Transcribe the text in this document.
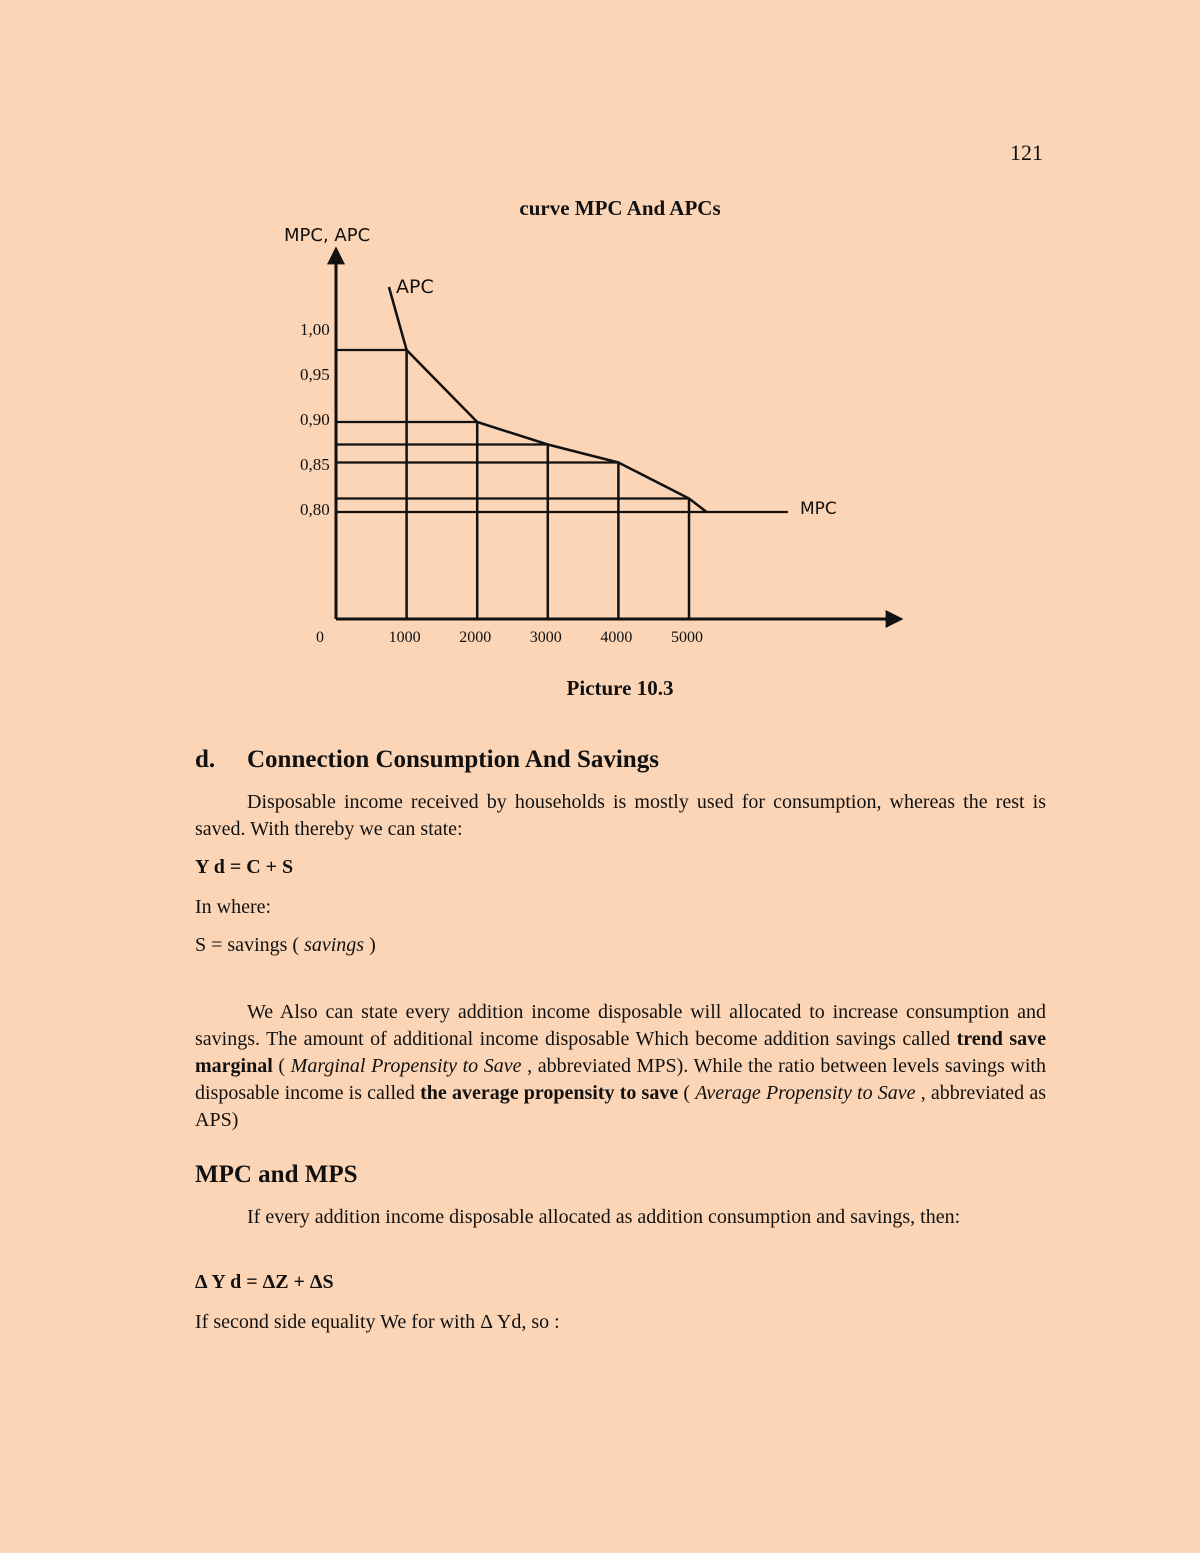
121
curve MPC And APCs
MPC, APC
1,00
0,95
0,90
0,85
0,80
0	1000 2000 3000 4000 5000
APC
MPC
Picture 10.3
d. Connection Consumption And Savings
Disposable income received by households is mostly used for consumption, whereas the rest is saved. With thereby we can state:
Y d = C + S
In where:
S = savings ( savings )
We Also can state every addition income disposable will allocated to increase consumption and savings. The amount of additional income disposable Which become addition savings called trend save marginal ( Marginal Propensity to Save , abbreviated MPS). While the ratio between levels savings with disposable income is called the average propensity to save ( Average Propensity to Save , abbreviated as APS)
MPC and MPS
If every addition income disposable allocated as addition consumption and savings, then:
Δ Y d = ΔZ + ΔS
If second side equality We for with Δ Yd, so :
